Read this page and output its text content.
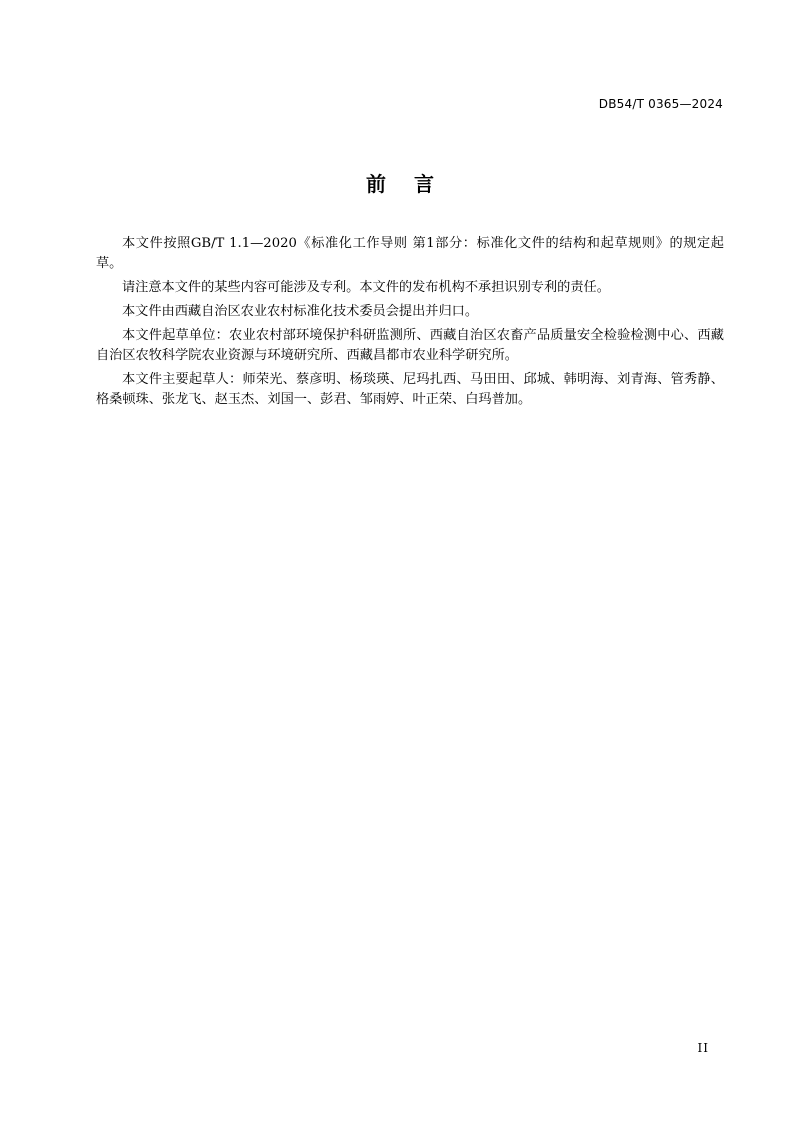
DB54/T 0365—2024
前言

本文件按照GB/T 1.1—2020《标准化工作导则 第1部分：标准化文件的结构和起草规则》的规定起草。

请注意本文件的某些内容可能涉及专利。本文件的发布机构不承担识别专利的责任。

本文件由西藏自治区农业农村标准化技术委员会提出并归口。

本文件起草单位：农业农村部环境保护科研监测所、西藏自治区农畜产品质量安全检验检测中心、西藏自治区农牧科学院农业资源与环境研究所、西藏昌都市农业科学研究所。

本文件主要起草人：师荣光、蔡彦明、杨琰瑛、尼玛扎西、马田田、邱城、韩明海、刘青海、管秀静、格桑顿珠、张龙飞、赵玉杰、刘国一、彭君、邹雨婷、叶正荣、白玛普加。

II
